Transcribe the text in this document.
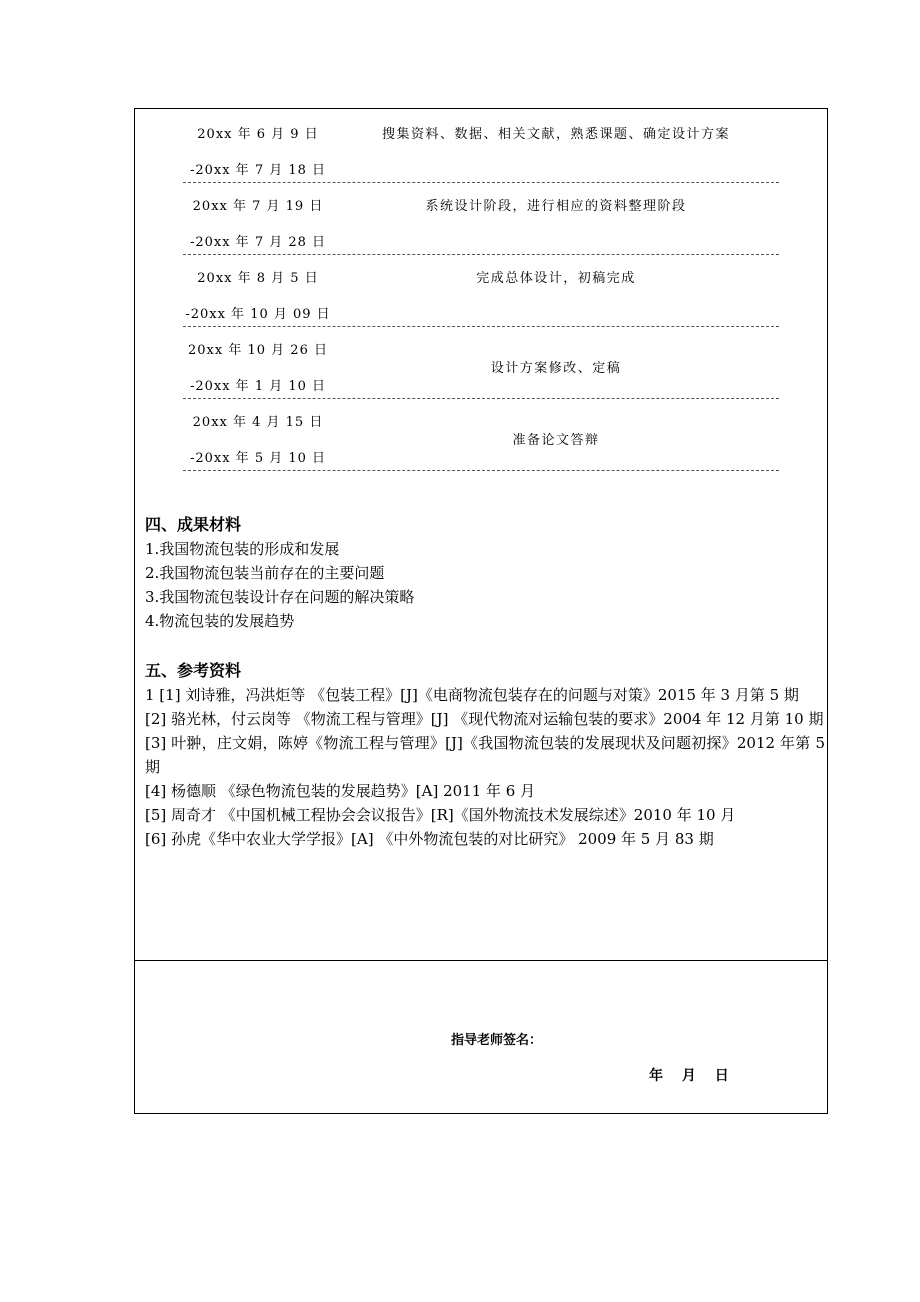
20xx 年 6 月 9 日
-20xx 年 7 月 18 日
搜集资料、数据、相关文献，熟悉课题、确定设计方案
20xx 年 7 月 19 日
-20xx 年 7 月 28 日
系统设计阶段，进行相应的资料整理阶段
20xx 年 8 月 5 日
-20xx 年 10 月 09 日
完成总体设计，初稿完成
20xx 年 10 月 26 日
-20xx 年 1 月 10 日
设计方案修改、定稿
20xx 年 4 月 15 日
-20xx 年 5 月 10 日
准备论文答辩
四、成果材料
1.我国物流包装的形成和发展
2.我国物流包装当前存在的主要问题
3.我国物流包装设计存在问题的解决策略
4.物流包装的发展趋势
五、参考资料
1 [1] 刘诗雅，冯洪炬等 《包装工程》[J]《电商物流包装存在的问题与对策》2015 年 3 月第 5 期
[2] 骆光林，付云岗等 《物流工程与管理》[J] 《现代物流对运输包装的要求》2004 年 12 月第 10 期
[3] 叶翀，庄文娟，陈婷《物流工程与管理》[J]《我国物流包装的发展现状及问题初探》2012 年第 5 期
[4] 杨德顺 《绿色物流包装的发展趋势》[A] 2011 年 6 月
[5] 周奇才 《中国机械工程协会会议报告》[R]《国外物流技术发展综述》2010 年 10 月
[6] 孙虎《华中农业大学学报》[A] 《中外物流包装的对比研究》 2009 年 5 月 83 期
指导老师签名：
年 月 日
